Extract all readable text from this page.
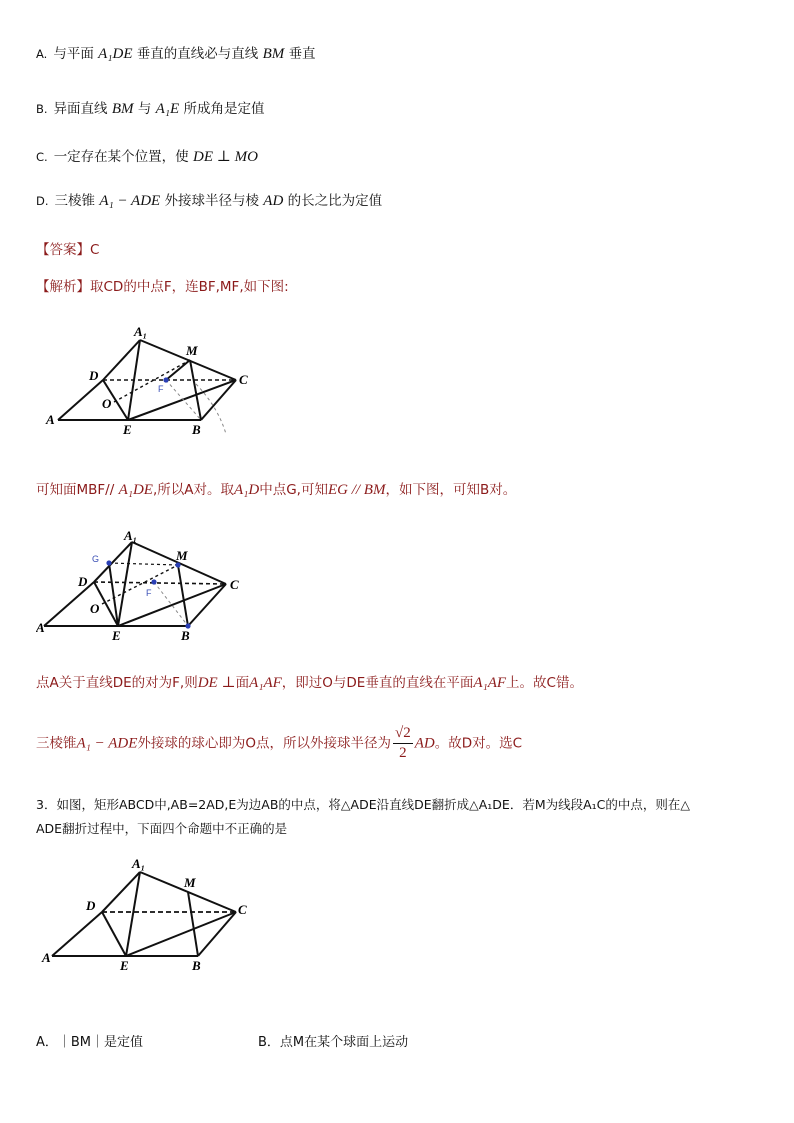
A. 与平面 A₁DE 垂直的直线必与直线 BM 垂直
B. 异面直线 BM 与 A₁E 所成角是定值
C. 一定存在某个位置，使 DE ⊥ MO
D. 三棱锥 A₁ − ADE 外接球半径与棱 AD 的长之比为定值
【答案】C
【解析】取CD的中点F，连BF,MF,如下图:
A₁
M
D	C
O
F
A
E	B
可知面MBF// A₁DE,所以A对。取A₁D中点G,可知EG // BM，如下图，可知B对。
A₁
M
G
D	C
O
F
A
E	B
点A关于直线DE的对为F,则DE ⊥面A₁AF，即过O与DE垂直的直线在平面A₁AF上。故C错。
三棱锥A₁ − ADE外接球的球心即为O点，所以外接球半径为 $\frac{√2}{2}$ AD。故D对。选C
3．如图，矩形ABCD中,AB=2AD,E为边AB的中点，将△ADE沿直线DE翻折成△A₁DE．若M为线段A₁C的中点，则在△
ADE翻折过程中，下面四个命题中不正确的是
A₁
M
D	C
A
E	B
A．｜BM｜是定值	B．点M在某个球面上运动
